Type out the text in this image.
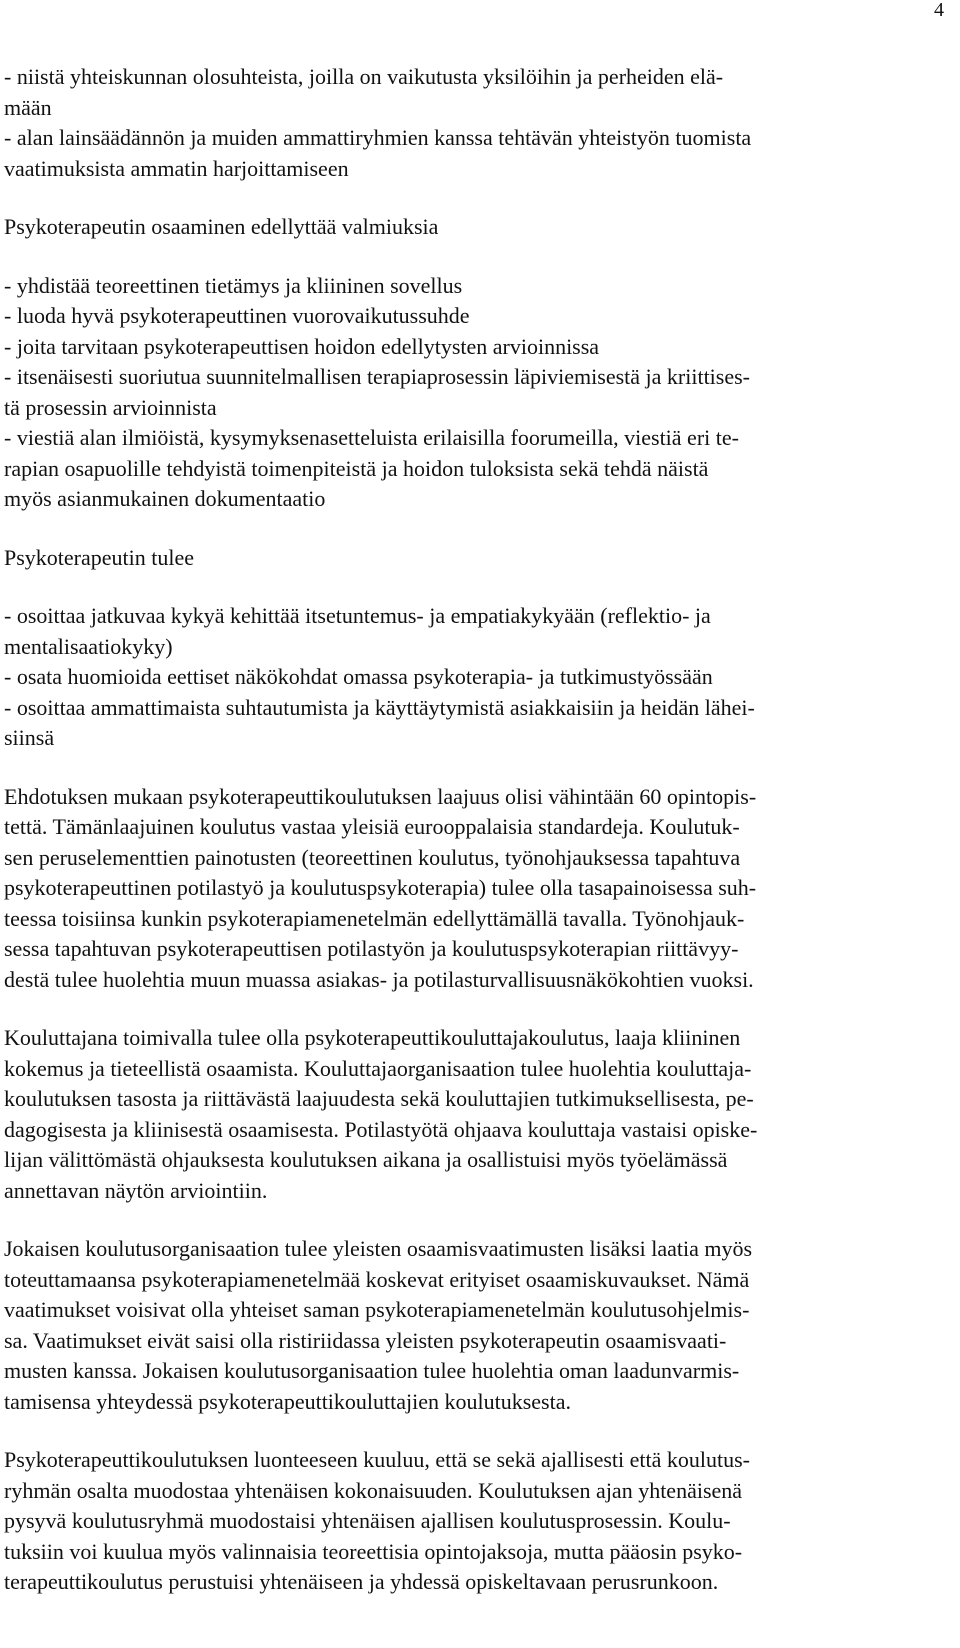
4
- niistä yhteiskunnan olosuhteista, joilla on vaikutusta yksilöihin ja perheiden elä-
mään
- alan lainsäädännön ja muiden ammattiryhmien kanssa tehtävän yhteistyön tuomista
vaatimuksista ammatin harjoittamiseen
Psykoterapeutin osaaminen edellyttää valmiuksia
- yhdistää teoreettinen tietämys ja kliininen sovellus
- luoda hyvä psykoterapeuttinen vuorovaikutussuhde
- joita tarvitaan psykoterapeuttisen hoidon edellytysten arvioinnissa
- itsenäisesti suoriutua suunnitelmallisen terapiaprosessin läpiviemisestä ja kriittises-
tä prosessin arvioinnista
- viestiä alan ilmiöistä, kysymyksenasetteluista erilaisilla foorumeilla, viestiä eri te-
rapian osapuolille tehdyistä toimenpiteistä ja hoidon tuloksista sekä tehdä näistä
myös asianmukainen dokumentaatio
Psykoterapeutin tulee
- osoittaa jatkuvaa kykyä kehittää itsetuntemus- ja empatiakykyään (reflektio- ja
mentalisaatiokyky)
- osata huomioida eettiset näkökohdat omassa psykoterapia- ja tutkimustyössään
- osoittaa ammattimaista suhtautumista ja käyttäytymistä asiakkaisiin ja heidän lähei-
siinsä
Ehdotuksen mukaan psykoterapeuttikoulutuksen laajuus olisi vähintään 60 opintopis-
tettä. Tämänlaajuinen koulutus vastaa yleisiä eurooppalaisia standardeja. Koulutuk-
sen peruselementtien painotusten (teoreettinen koulutus, työnohjauksessa tapahtuva
psykoterapeuttinen potilastyö ja koulutuspsykoterapia) tulee olla tasapainoisessa suh-
teessa toisiinsa kunkin psykoterapiamenetelmän edellyttämällä tavalla. Työnohjauk-
sessa tapahtuvan psykoterapeuttisen potilastyön ja koulutuspsykoterapian riittävyy-
destä tulee huolehtia muun muassa asiakas- ja potilasturvallisuusnäkökohtien vuoksi.
Kouluttajana toimivalla tulee olla psykoterapeuttikouluttajakoulutus, laaja kliininen
kokemus ja tieteellistä osaamista. Kouluttajaorganisaation tulee huolehtia kouluttaja-
koulutuksen tasosta ja riittävästä laajuudesta sekä kouluttajien tutkimuksellisesta, pe-
dagogisesta ja kliinisestä osaamisesta. Potilastyötä ohjaava kouluttaja vastaisi opiske-
lijan välittömästä ohjauksesta koulutuksen aikana ja osallistuisi myös työelämässä
annettavan näytön arviointiin.
Jokaisen koulutusorganisaation tulee yleisten osaamisvaatimusten lisäksi laatia myös
toteuttamaansa psykoterapiamenetelmää koskevat erityiset osaamiskuvaukset. Nämä
vaatimukset voisivat olla yhteiset saman psykoterapiamenetelmän koulutusohjelmis-
sa. Vaatimukset eivät saisi olla ristiriidassa yleisten psykoterapeutin osaamisvaati-
musten kanssa. Jokaisen koulutusorganisaation tulee huolehtia oman laadunvarmis-
tamisensa yhteydessä psykoterapeuttikouluttajien koulutuksesta.
Psykoterapeuttikoulutuksen luonteeseen kuuluu, että se sekä ajallisesti että koulutus-
ryhmän osalta muodostaa yhtenäisen kokonaisuuden. Koulutuksen ajan yhtenäisenä
pysyvä koulutusryhmä muodostaisi yhtenäisen ajallisen koulutusprosessin. Koulu-
tuksiin voi kuulua myös valinnaisia teoreettisia opintojaksoja, mutta pääosin psyko-
terapeuttikoulutus perustuisi yhtenäiseen ja yhdessä opiskeltavaan perusrunkoon.
